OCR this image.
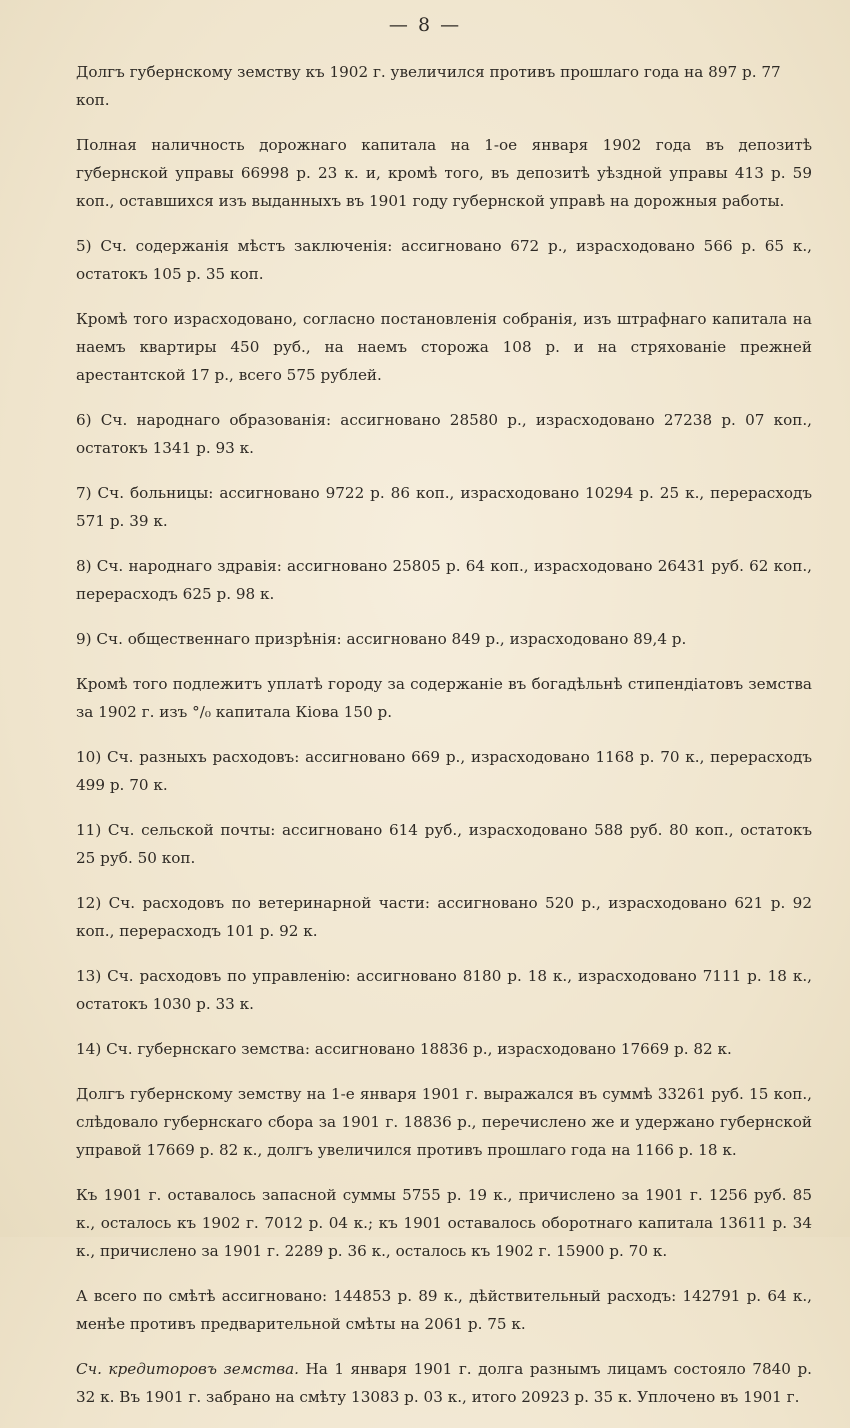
— 8 —

Долгъ губернскому земству къ 1902 г. увеличился противъ прошлаго года на 897 р. 77 коп.

Полная наличность дорожнаго капитала на 1-ое января 1902 года въ депозитѣ губернской управы 66998 р. 23 к. и, кромѣ того, въ депозитѣ уѣздной управы 413 р. 59 коп., оставшихся изъ выданныхъ въ 1901 году губернской управѣ на дорожныя работы.

5) Сч. содержанія мѣстъ заключенія: ассигновано 672 р., израсходовано 566 р. 65 к., остатокъ 105 р. 35 коп.

Кромѣ того израсходовано, согласно постановленія собранія, изъ штрафнаго капитала на наемъ квартиры 450 руб., на наемъ сторожа 108 р. и на стряхованіе прежней арестантской 17 р., всего 575 рублей.

6) Сч. народнаго образованія: ассигновано 28580 р., израсходовано 27238 р. 07 коп., остатокъ 1341 р. 93 к.

7) Сч. больницы: ассигновано 9722 р. 86 коп., израсходовано 10294 р. 25 к., перерасходъ 571 р. 39 к.

8) Сч. народнаго здравія: ассигновано 25805 р. 64 коп., израсходовано 26431 руб. 62 коп., перерасходъ 625 р. 98 к.

9) Сч. общественнаго призрѣнія: ассигновано 849 р., израсходовано 89,4 р.

Кромѣ того подлежитъ уплатѣ городу за содержаніе въ богадѣльнѣ стипендіатовъ земства за 1902 г. изъ °/₀ капитала Кіова 150 р.

10) Сч. разныхъ расходовъ: ассигновано 669 р., израсходовано 1168 р. 70 к., перерасходъ 499 р. 70 к.

11) Сч. сельской почты: ассигновано 614 руб., израсходовано 588 руб. 80 коп., остатокъ 25 руб. 50 коп.

12) Сч. расходовъ по ветеринарной части: ассигновано 520 р., израсходовано 621 р. 92 коп., перерасходъ 101 р. 92 к.

13) Сч. расходовъ по управленію: ассигновано 8180 р. 18 к., израсходовано 7111 р. 18 к., остатокъ 1030 р. 33 к.

14) Сч. губернскаго земства: ассигновано 18836 р., израсходовано 17669 р. 82 к.

Долгъ губернскому земству на 1-е января 1901 г. выражался въ суммѣ 33261 руб. 15 коп., слѣдовало губернскаго сбора за 1901 г. 18836 р., перечислено же и удержано губернской управой 17669 р. 82 к., долгъ увеличился противъ прошлаго года на 1166 р. 18 к.

Къ 1901 г. оставалось запасной суммы 5755 р. 19 к., причислено за 1901 г. 1256 руб. 85 к., осталось къ 1902 г. 7012 р. 04 к.; къ 1901 оставалось оборотнаго капитала 13611 р. 34 к., причислено за 1901 г. 2289 р. 36 к., осталось къ 1902 г. 15900 р. 70 к.

А всего по смѣтѣ ассигновано: 144853 р. 89 к., дѣйствительный расходъ: 142791 р. 64 к., менѣе противъ предварительной смѣты на 2061 р. 75 к.

Сч. кредиторовъ земства. На 1 января 1901 г. долга разнымъ лицамъ состояло 7840 р. 32 к. Въ 1901 г. забрано на смѣту 13083 р. 03 к., итого 20923 р. 35 к. Уплочено въ 1901 г.
